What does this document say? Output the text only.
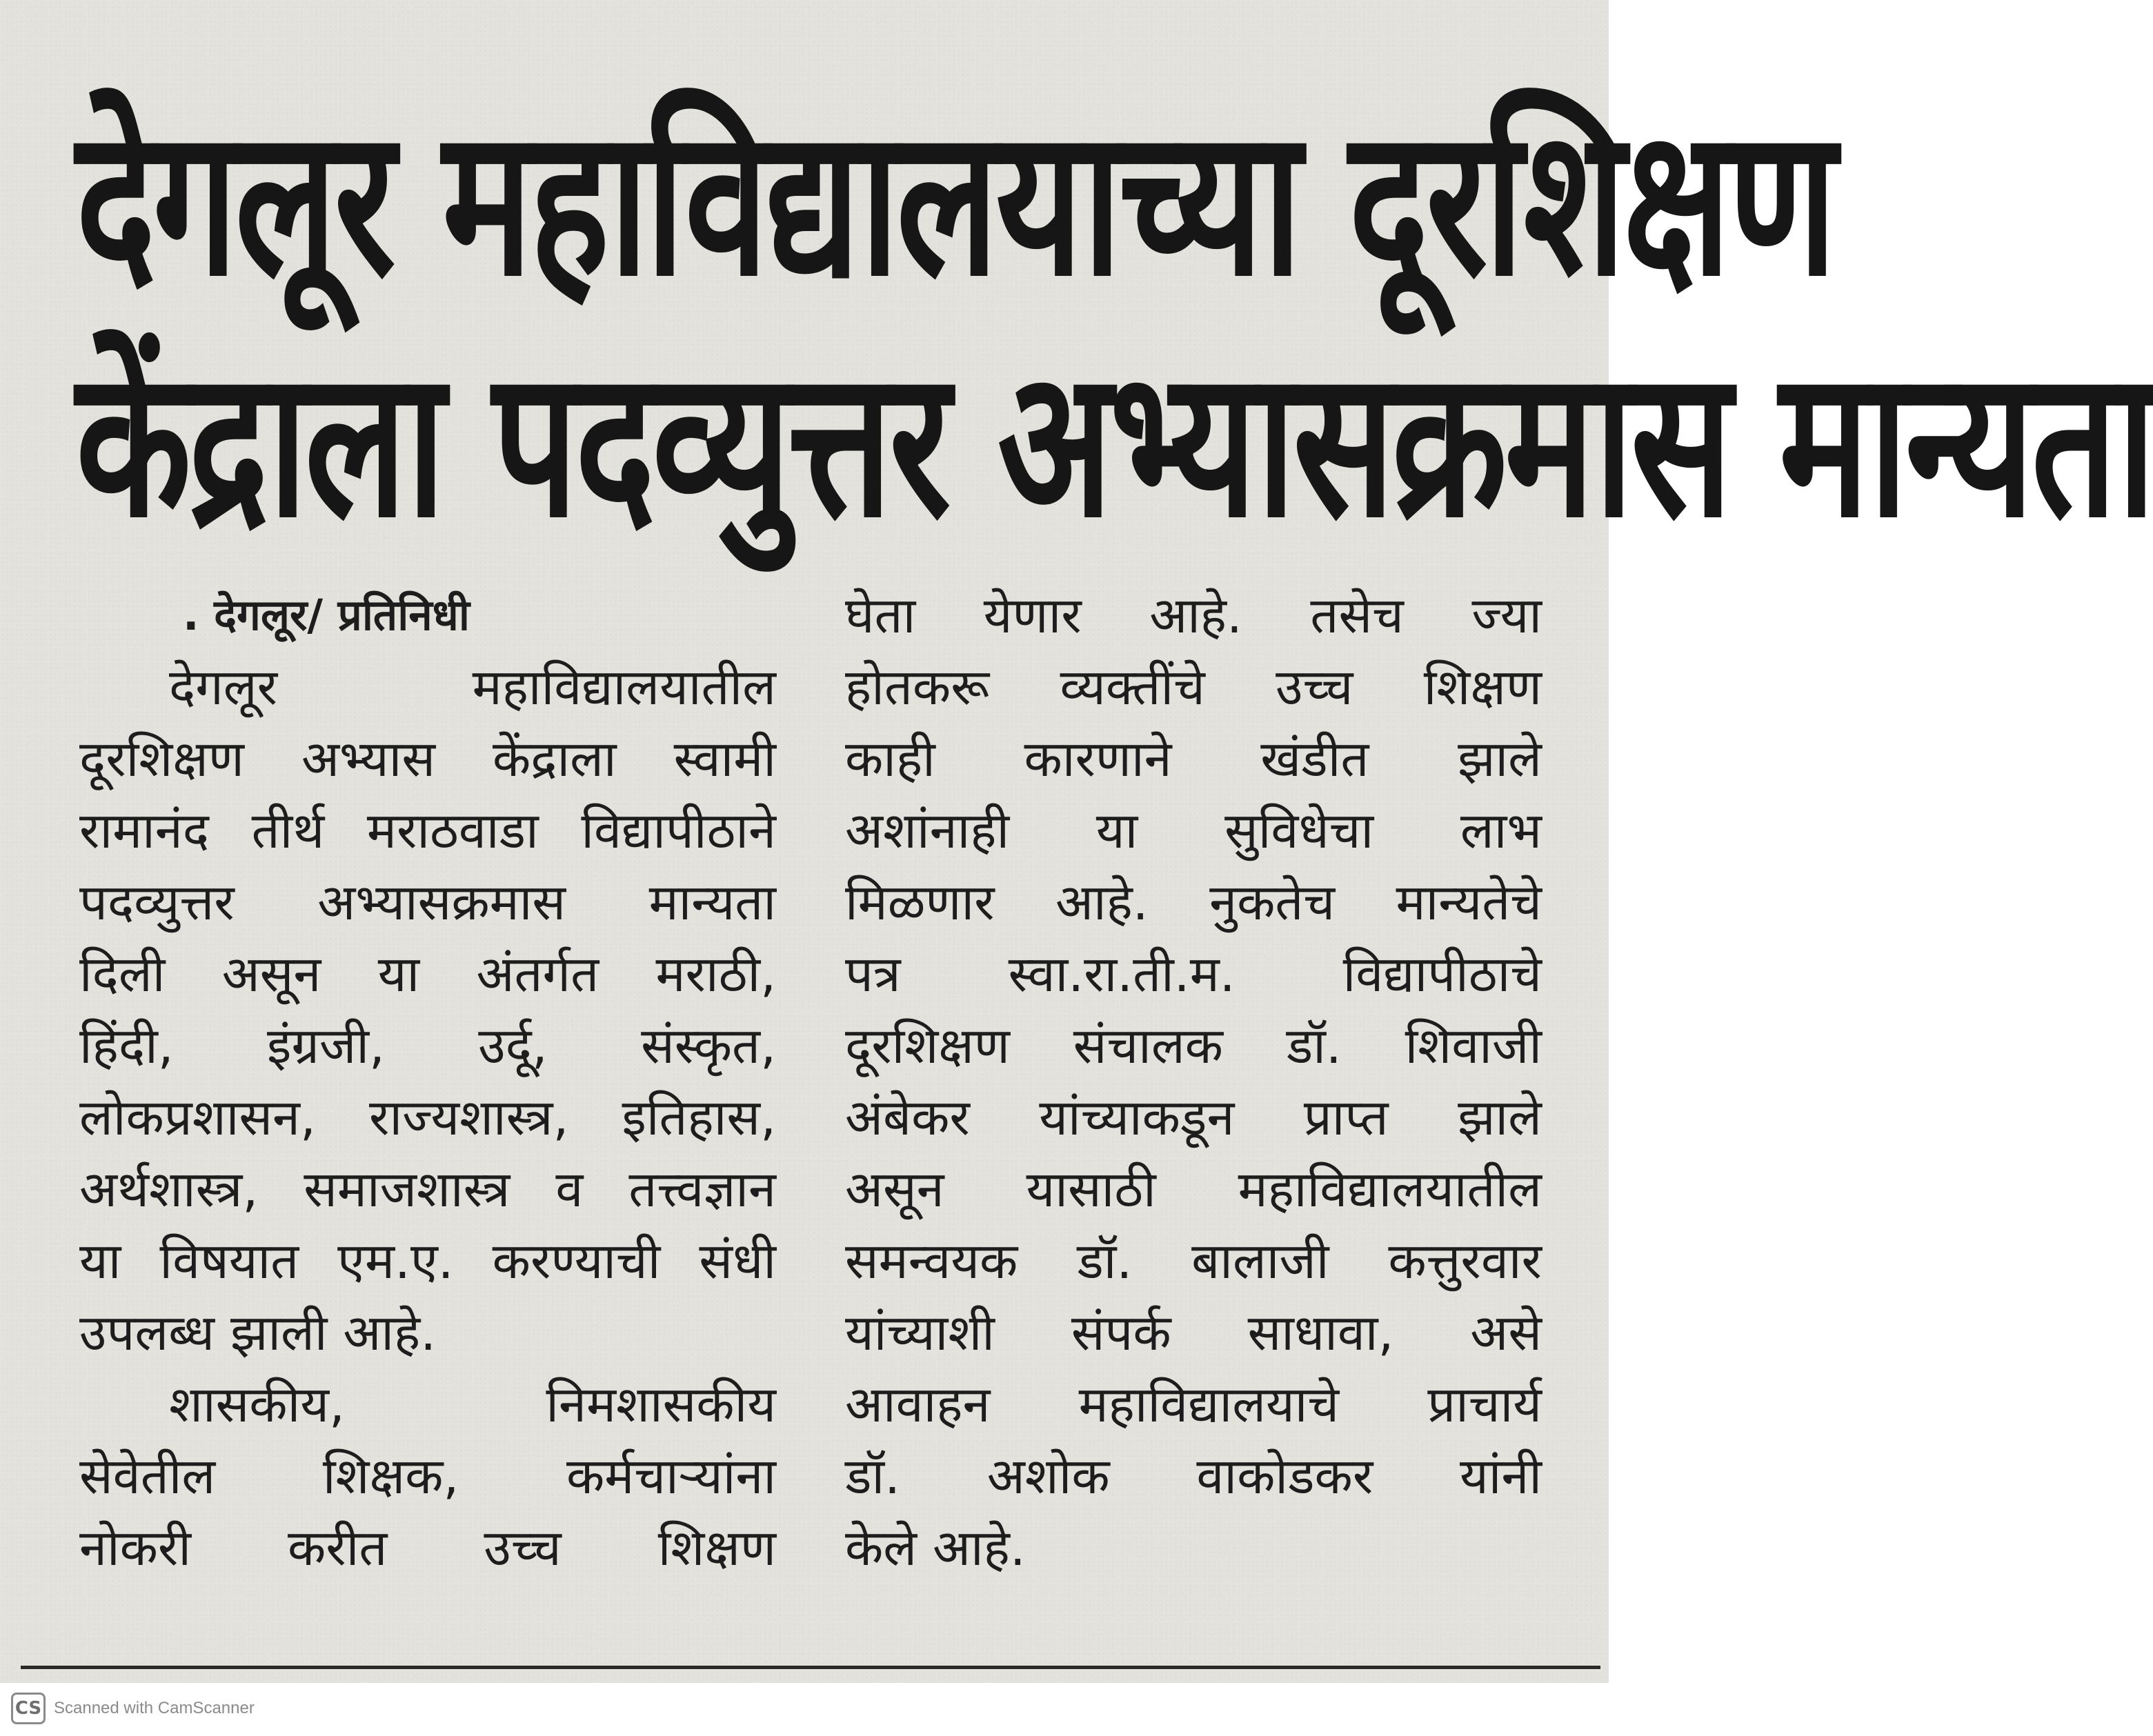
देगलूर महाविद्यालयाच्या दूरशिक्षण
केंद्राला पदव्युत्तर अभ्यासक्रमास मान्यता
. देगलूर/ प्रतिनिधी
देगलूर महाविद्यालयातील
दूरशिक्षण अभ्यास केंद्राला स्वामी
रामानंद तीर्थ मराठवाडा विद्यापीठाने
पदव्युत्तर अभ्यासक्रमास मान्यता
दिली असून या अंतर्गत मराठी,
हिंदी, इंग्रजी, उर्दू, संस्कृत,
लोकप्रशासन, राज्यशास्त्र, इतिहास,
अर्थशास्त्र, समाजशास्त्र व तत्त्वज्ञान
या विषयात एम.ए. करण्याची संधी
उपलब्ध झाली आहे.
शासकीय, निमशासकीय
सेवेतील शिक्षक, कर्मचाऱ्यांना
नोकरी करीत उच्च शिक्षण
घेता येणार आहे. तसेच ज्या
होतकरू व्यक्तींचे उच्च शिक्षण
काही कारणाने खंडीत झाले
अशांनाही या सुविधेचा लाभ
मिळणार आहे. नुकतेच मान्यतेचे
पत्र स्वा.रा.ती.म. विद्यापीठाचे
दूरशिक्षण संचालक डॉ. शिवाजी
अंबेकर यांच्याकडून प्राप्त झाले
असून यासाठी महाविद्यालयातील
समन्वयक डॉ. बालाजी कत्तुरवार
यांच्याशी संपर्क साधावा, असे
आवाहन महाविद्यालयाचे प्राचार्य
डॉ. अशोक वाकोडकर यांनी
केले आहे.
CS Scanned with CamScanner
